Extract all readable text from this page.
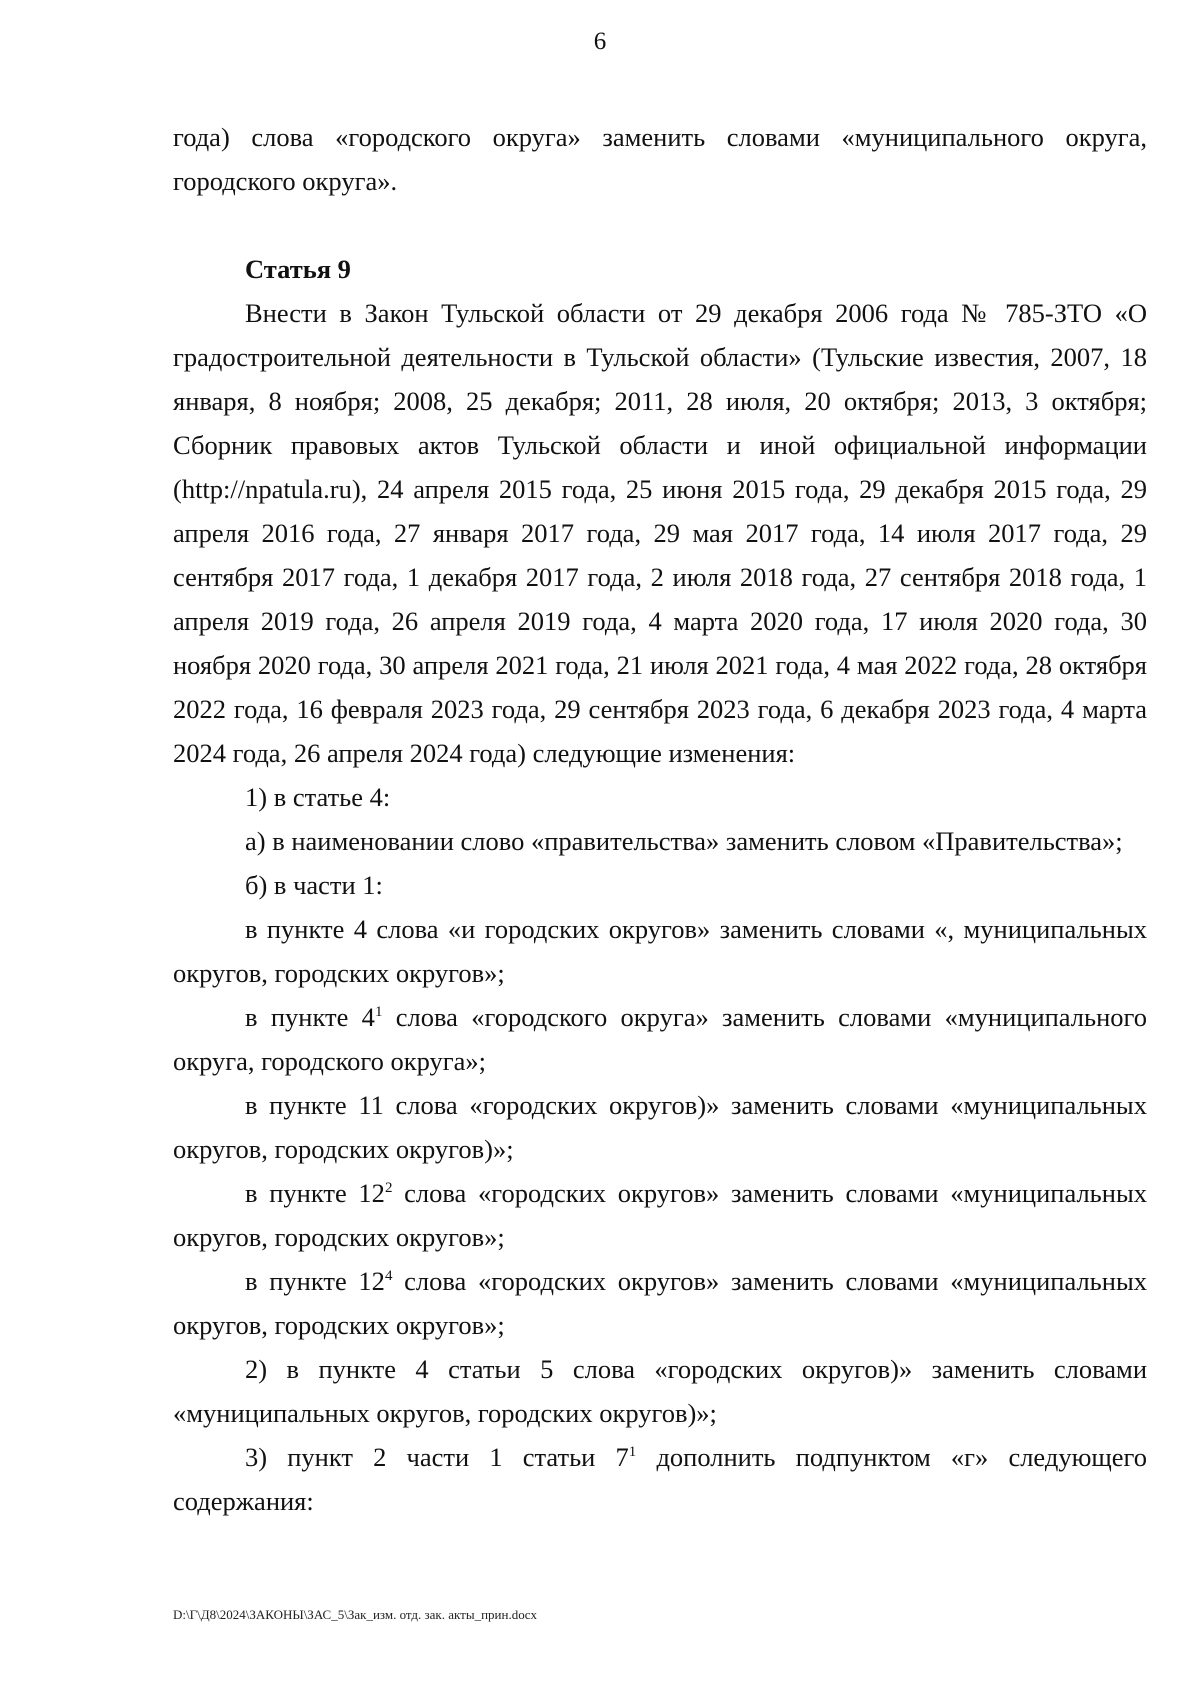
6

года) слова «городского округа» заменить словами «муниципального округа, городского округа».

Статья 9

Внести в Закон Тульской области от 29 декабря 2006 года № 785-ЗТО «О градостроительной деятельности в Тульской области» (Тульские известия, 2007, 18 января, 8 ноября; 2008, 25 декабря; 2011, 28 июля, 20 октября; 2013, 3 октября; Сборник правовых актов Тульской области и иной официальной информации (http://npatula.ru), 24 апреля 2015 года, 25 июня 2015 года, 29 декабря 2015 года, 29 апреля 2016 года, 27 января 2017 года, 29 мая 2017 года, 14 июля 2017 года, 29 сентября 2017 года, 1 декабря 2017 года, 2 июля 2018 года, 27 сентября 2018 года, 1 апреля 2019 года, 26 апреля 2019 года, 4 марта 2020 года, 17 июля 2020 года, 30 ноября 2020 года, 30 апреля 2021 года, 21 июля 2021 года, 4 мая 2022 года, 28 октября 2022 года, 16 февраля 2023 года, 29 сентября 2023 года, 6 декабря 2023 года, 4 марта 2024 года, 26 апреля 2024 года) следующие изменения:

1) в статье 4:

а) в наименовании слово «правительства» заменить словом «Правительства»;

б) в части 1:

в пункте 4 слова «и городских округов» заменить словами «, муниципальных округов, городских округов»;

в пункте $4^1$ слова «городского округа» заменить словами «муниципального округа, городского округа»;

в пункте 11 слова «городских округов)» заменить словами «муниципальных округов, городских округов)»;

в пункте $12^2$ слова «городских округов» заменить словами «муниципальных округов, городских округов»;

в пункте $12^4$ слова «городских округов» заменить словами «муниципальных округов, городских округов»;

2) в пункте 4 статьи 5 слова «городских округов)» заменить словами «муниципальных округов, городских округов)»;

3) пункт 2 части 1 статьи $7^1$ дополнить подпунктом «г» следующего содержания:

D:\Г\Д8\2024\ЗАКОНЫ\ЗАС_5\Зак_изм. отд. зак. акты_прин.docx
